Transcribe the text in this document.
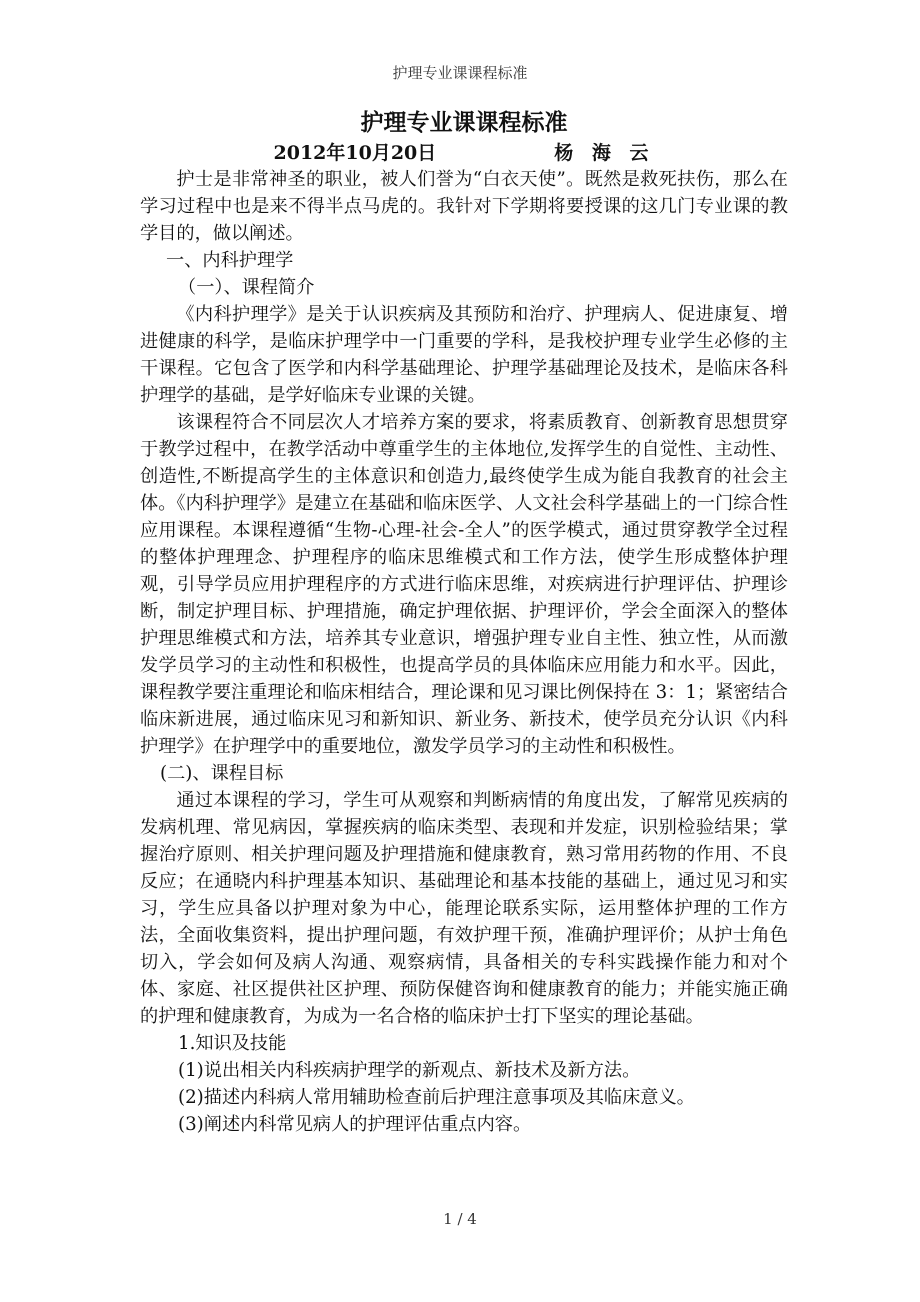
护理专业课课程标准
护理专业课课程标准
2012年10月20日	杨 海 云

护士是非常神圣的职业，被人们誉为“白衣天使”。既然是救死扶伤，那么在学习过程中也是来不得半点马虎的。我针对下学期将要授课的这几门专业课的教学目的，做以阐述。

一、内科护理学

（一）、课程简介

《内科护理学》是关于认识疾病及其预防和治疗、护理病人、促进康复、增进健康的科学，是临床护理学中一门重要的学科，是我校护理专业学生必修的主干课程。它包含了医学和内科学基础理论、护理学基础理论及技术，是临床各科护理学的基础，是学好临床专业课的关键。

该课程符合不同层次人才培养方案的要求，将素质教育、创新教育思想贯穿于教学过程中，在教学活动中尊重学生的主体地位,发挥学生的自觉性、主动性、创造性,不断提高学生的主体意识和创造力,最终使学生成为能自我教育的社会主体。《内科护理学》是建立在基础和临床医学、人文社会科学基础上的一门综合性应用课程。本课程遵循“生物-心理-社会-全人”的医学模式，通过贯穿教学全过程的整体护理理念、护理程序的临床思维模式和工作方法，使学生形成整体护理观，引导学员应用护理程序的方式进行临床思维，对疾病进行护理评估、护理诊断，制定护理目标、护理措施，确定护理依据、护理评价，学会全面深入的整体护理思维模式和方法，培养其专业意识，增强护理专业自主性、独立性，从而激发学员学习的主动性和积极性，也提高学员的具体临床应用能力和水平。因此，课程教学要注重理论和临床相结合，理论课和见习课比例保持在 3：1；紧密结合临床新进展，通过临床见习和新知识、新业务、新技术，使学员充分认识《内科护理学》在护理学中的重要地位，激发学员学习的主动性和积极性。

(二)、课程目标

通过本课程的学习，学生可从观察和判断病情的角度出发，了解常见疾病的发病机理、常见病因，掌握疾病的临床类型、表现和并发症，识别检验结果；掌握治疗原则、相关护理问题及护理措施和健康教育，熟习常用药物的作用、不良反应；在通晓内科护理基本知识、基础理论和基本技能的基础上，通过见习和实习，学生应具备以护理对象为中心，能理论联系实际，运用整体护理的工作方法，全面收集资料，提出护理问题，有效护理干预，准确护理评价；从护士角色切入，学会如何及病人沟通、观察病情，具备相关的专科实践操作能力和对个体、家庭、社区提供社区护理、预防保健咨询和健康教育的能力；并能实施正确的护理和健康教育，为成为一名合格的临床护士打下坚实的理论基础。

1.知识及技能

(1)说出相关内科疾病护理学的新观点、新技术及新方法。

(2)描述内科病人常用辅助检查前后护理注意事项及其临床意义。

(3)阐述内科常见病人的护理评估重点内容。

1 / 4
